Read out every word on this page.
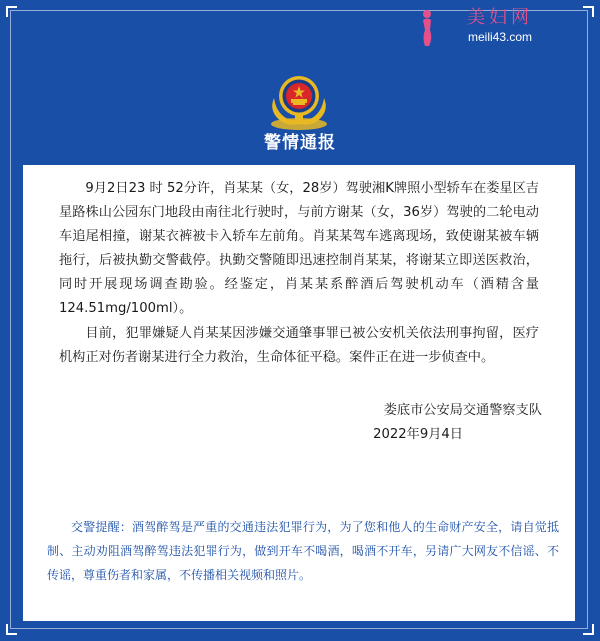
美妇网
meili43.com
警情通报

9月2日23 时 52分许，肖某某（女，28岁）驾驶湘K牌照小型轿车在娄星区吉星路株山公园东门地段由南往北行驶时，与前方谢某（女，36岁）驾驶的二轮电动车追尾相撞，谢某衣裤被卡入轿车左前角。肖某某驾车逃离现场，致使谢某被车辆拖行，后被执勤交警截停。执勤交警随即迅速控制肖某某，将谢某立即送医救治，同时开展现场调查勘验。经鉴定，肖某某系醉酒后驾驶机动车（酒精含量124.51mg/100ml）。

目前，犯罪嫌疑人肖某某因涉嫌交通肇事罪已被公安机关依法刑事拘留，医疗机构正对伤者谢某进行全力救治，生命体征平稳。案件正在进一步侦查中。

娄底市公安局交通警察支队
2022年9月4日

交警提醒：酒驾醉驾是严重的交通违法犯罪行为，为了您和他人的生命财产安全，请自觉抵制、主动劝阻酒驾醉驾违法犯罪行为，做到开车不喝酒，喝酒不开车，另请广大网友不信谣、不传谣，尊重伤者和家属，不传播相关视频和照片。
